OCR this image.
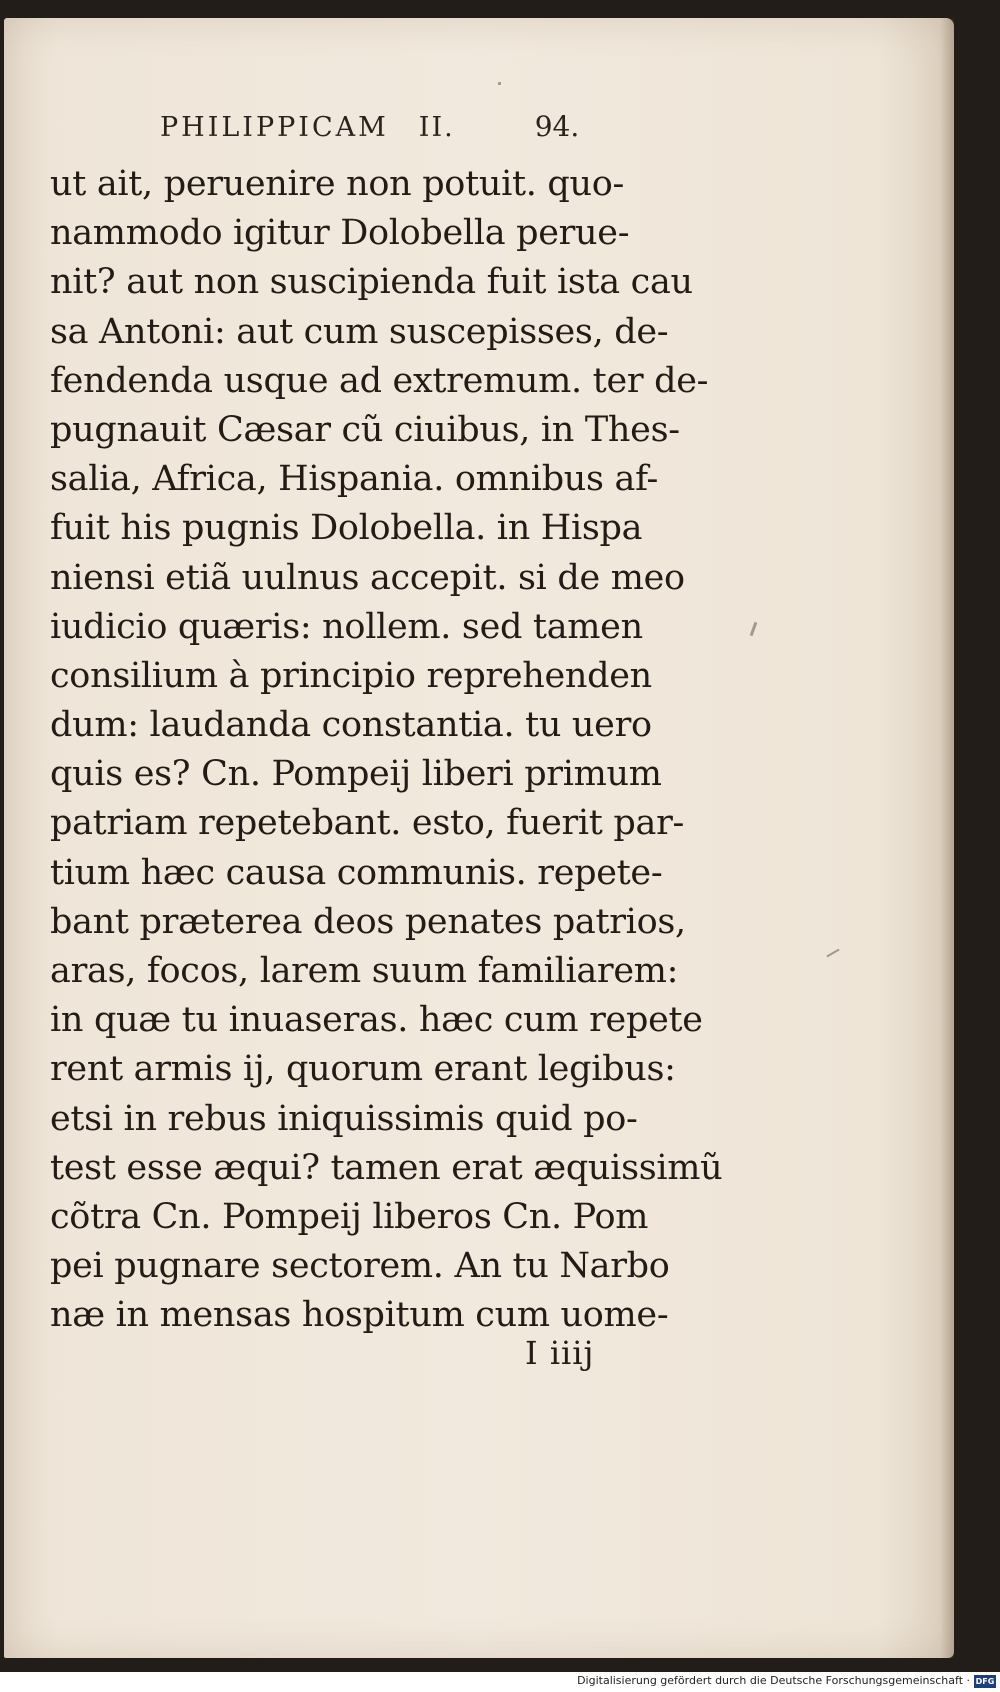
PHILIPPICAM II.	94.
ut ait, peruenire non potuit. quo-
nammodo igitur Dolobella perue-
nit? aut non suscipienda fuit ista cau
sa Antoni: aut cum suscepisses, de-
fendenda usque ad extremum. ter de-
pugnauit Cæsar cũ ciuibus, in Thes-
salia, Africa, Hispania. omnibus af-
fuit his pugnis Dolobella. in Hispa
niensi etiã uulnus accepit. si de meo
iudicio quæris: nollem. sed tamen
consilium à principio reprehenden
dum: laudanda constantia. tu uero
quis es? Cn. Pompeij liberi primum
patriam repetebant. esto, fuerit par-
tium hæc causa communis. repete-
bant præterea deos penates patrios,
aras, focos, larem suum familiarem:
in quæ tu inuaseras. hæc cum repete
rent armis ij, quorum erant legibus:
etsi in rebus iniquissimis quid po-
test esse æqui? tamen erat æquissimũ
cõtra Cn. Pompeij liberos Cn. Pom
pei pugnare sectorem. An tu Narbo
næ in mensas hospitum cum uome-
I iiij
Digitalisierung gefördert durch die Deutsche Forschungsgemeinschaft · DFG
